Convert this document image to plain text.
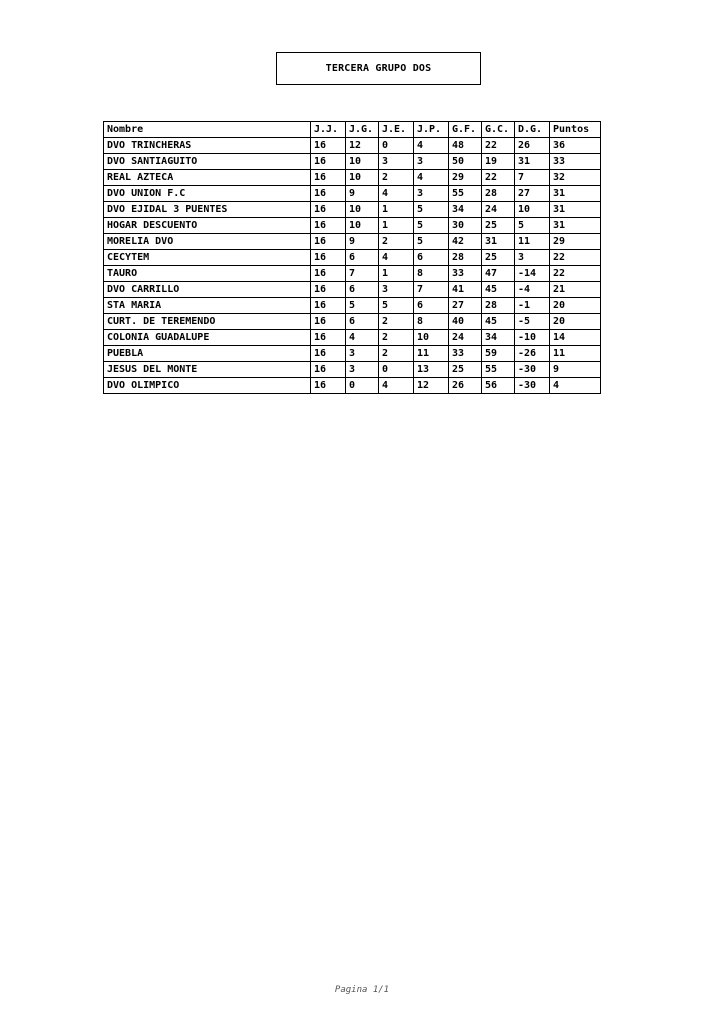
TERCERA GRUPO DOS
Nombre	J.J.	J.G.	J.E.	J.P.	G.F.	G.C.	D.G.	Puntos
DVO TRINCHERAS	16	12	0	4	48	22	26	36
DVO SANTIAGUITO	16	10	3	3	50	19	31	33
REAL AZTECA	16	10	2	4	29	22	7	32
DVO UNION F.C	16	9	4	3	55	28	27	31
DVO EJIDAL 3 PUENTES	16	10	1	5	34	24	10	31
HOGAR DESCUENTO	16	10	1	5	30	25	5	31
MORELIA DVO	16	9	2	5	42	31	11	29
CECYTEM	16	6	4	6	28	25	3	22
TAURO	16	7	1	8	33	47	-14	22
DVO CARRILLO	16	6	3	7	41	45	-4	21
STA MARIA	16	5	5	6	27	28	-1	20
CURT. DE TEREMENDO	16	6	2	8	40	45	-5	20
COLONIA GUADALUPE	16	4	2	10	24	34	-10	14
PUEBLA	16	3	2	11	33	59	-26	11
JESUS DEL MONTE	16	3	0	13	25	55	-30	9
DVO OLIMPICO	16	0	4	12	26	56	-30	4
Pagina 1/1
